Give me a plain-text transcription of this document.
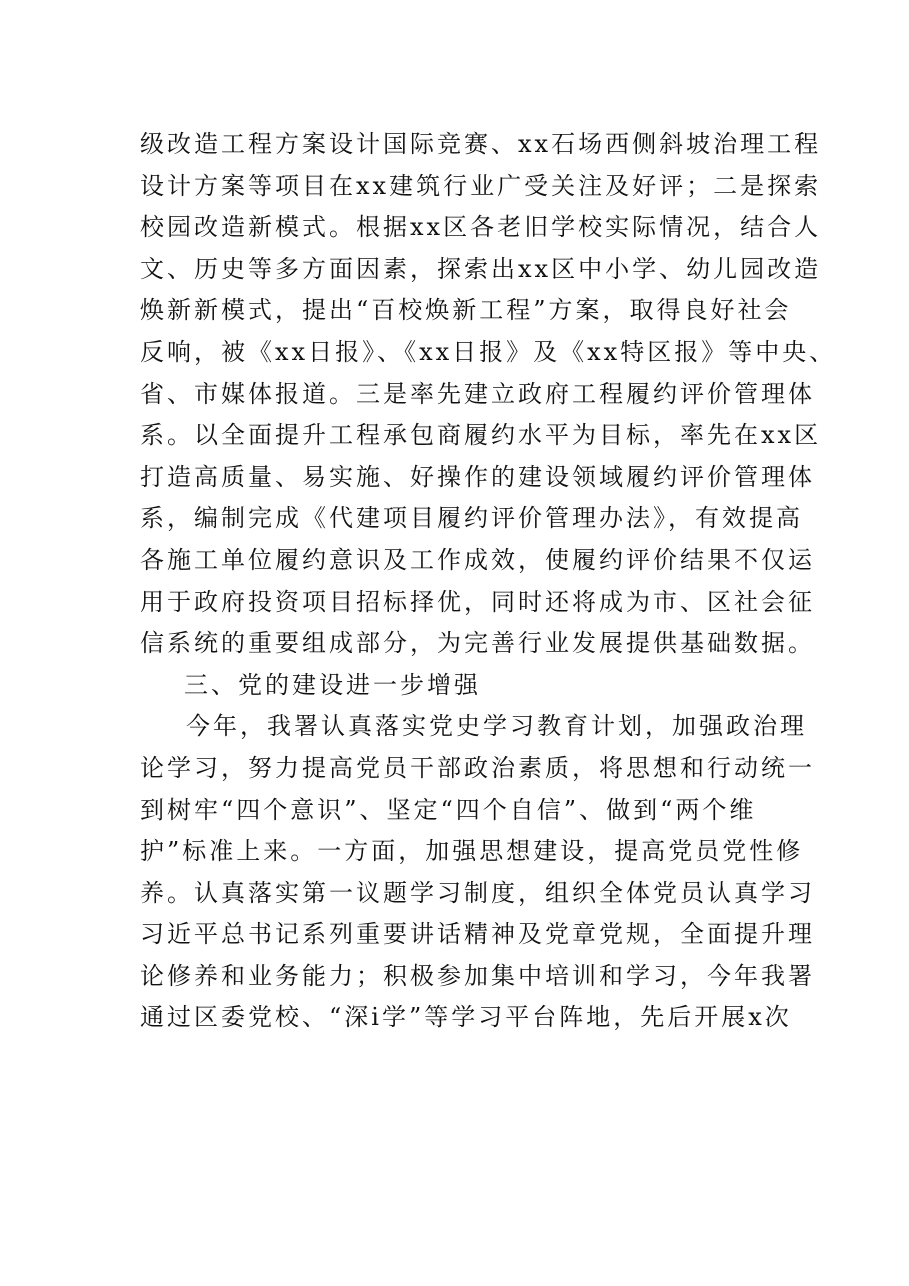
级改造工程方案设计国际竞赛、xx石场西侧斜坡治理工程
设计方案等项目在xx建筑行业广受关注及好评；二是探索
校园改造新模式。根据xx区各老旧学校实际情况，结合人
文、历史等多方面因素，探索出xx区中小学、幼儿园改造
焕新新模式，提出“百校焕新工程”方案，取得良好社会
反响，被《xx日报》、《xx日报》及《xx特区报》等中央、
省、市媒体报道。三是率先建立政府工程履约评价管理体
系。以全面提升工程承包商履约水平为目标，率先在xx区
打造高质量、易实施、好操作的建设领域履约评价管理体
系，编制完成《代建项目履约评价管理办法》，有效提高
各施工单位履约意识及工作成效，使履约评价结果不仅运
用于政府投资项目招标择优，同时还将成为市、区社会征
信系统的重要组成部分，为完善行业发展提供基础数据。
三、党的建设进一步增强
今年，我署认真落实党史学习教育计划，加强政治理
论学习，努力提高党员干部政治素质，将思想和行动统一
到树牢“四个意识”、坚定“四个自信”、做到“两个维
护”标准上来。一方面，加强思想建设，提高党员党性修
养。认真落实第一议题学习制度，组织全体党员认真学习
习近平总书记系列重要讲话精神及党章党规，全面提升理
论修养和业务能力；积极参加集中培训和学习，今年我署
通过区委党校、“深i学”等学习平台阵地，先后开展x次
